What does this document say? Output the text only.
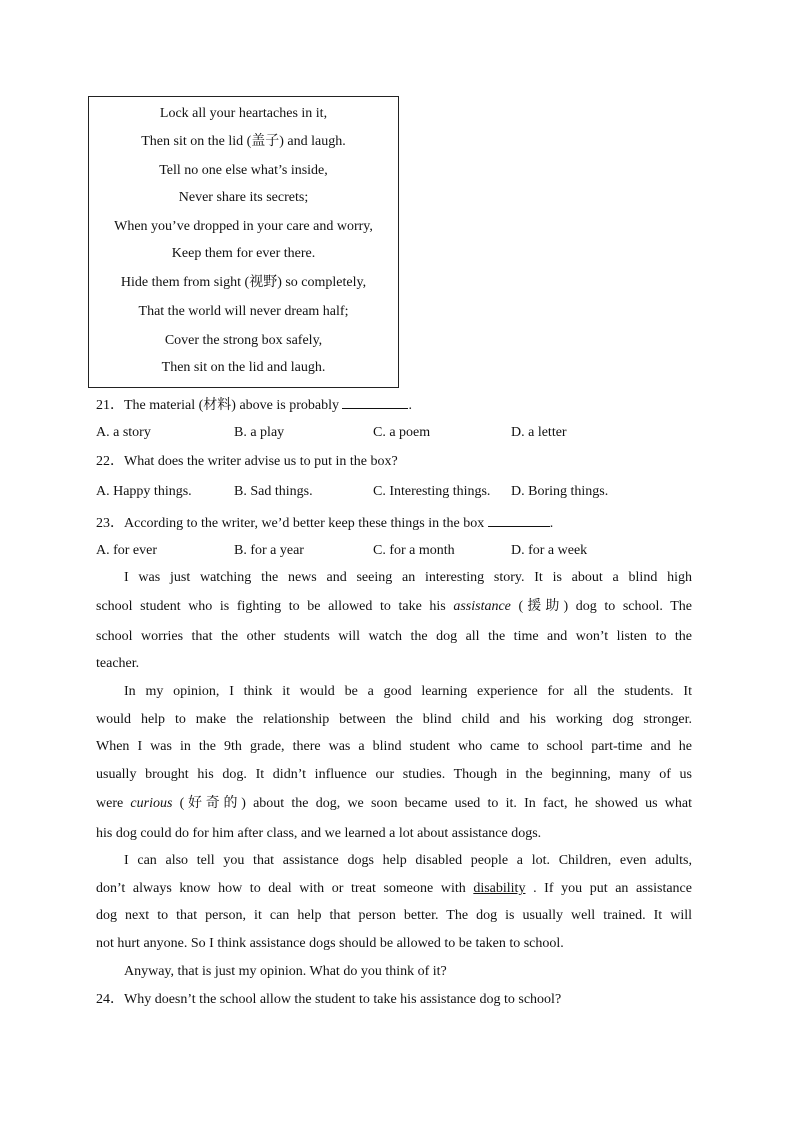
Lock all your heartaches in it,
Then sit on the lid (盖子) and laugh.
Tell no one else what’s inside,
Never share its secrets;
When you’ve dropped in your care and worry,
Keep them for ever there.
Hide them from sight (视野) so completely,
That the world will never dream half;
Cover the strong box safely,
Then sit on the lid and laugh.
21．The material (材料) above is probably	.
A. a story	B. a play	C. a poem	D. a letter
22．What does the writer advise us to put in the box?
A. Happy things.	B. Sad things.	C. Interesting things. D. Boring things.
23．According to the writer, we’d better keep these things in the box	.
A. for ever	B. for a year	C. for a month	D. for a week
I was just watching the news and seeing an interesting story. It is about a blind high
school student who is fighting to be allowed to take his assistance (援助) dog to school. The
school worries that the other students will watch the dog all the time and won’t listen to the
teacher.
In my opinion, I think it would be a good learning experience for all the students. It
would help to make the relationship between the blind child and his working dog stronger.
When I was in the 9th grade, there was a blind student who came to school part-time and he
usually brought his dog. It didn’t influence our studies. Though in the beginning, many of us
were curious (好奇的) about the dog, we soon became used to it. In fact, he showed us what
his dog could do for him after class, and we learned a lot about assistance dogs.
I can also tell you that assistance dogs help disabled people a lot. Children, even adults,
don’t always know how to deal with or treat someone with disability . If you put an assistance
dog next to that person, it can help that person better. The dog is usually well trained. It will
not hurt anyone. So I think assistance dogs should be allowed to be taken to school.
Anyway, that is just my opinion. What do you think of it?
24．Why doesn’t the school allow the student to take his assistance dog to school?
